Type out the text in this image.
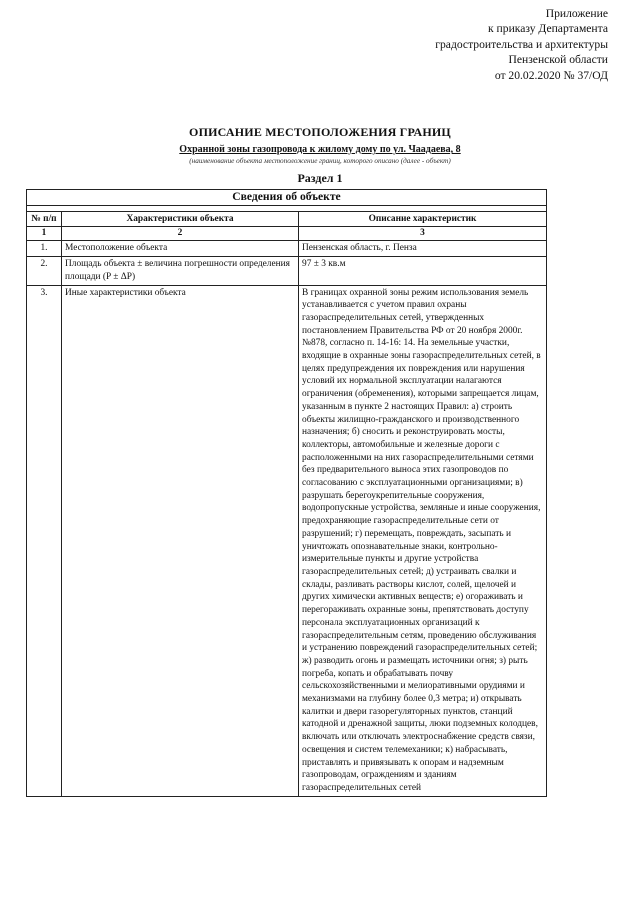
Приложение
к приказу Департамента
градостроительства и архитектуры
Пензенской области
от 20.02.2020 № 37/ОД
ОПИСАНИЕ МЕСТОПОЛОЖЕНИЯ ГРАНИЦ
Охранной зоны газопровода к жилому дому по ул. Чаадаева, 8
(наименование объекта местоположение границ, которого описано (далее - объект)
Раздел 1
Сведения об объекте		

№ п/п	Характеристики объекта	Описание характеристик
1	2	3
1.	Местоположение объекта	Пензенская область, г. Пенза
2.	Площадь объекта ± величина погрешности определения площади (P ± ΔP)	97 ± 3 кв.м
3.	Иные характеристики объекта	В границах охранной зоны режим использования земель устанавливается с учетом правил охраны газораспределительных сетей, утвержденных постановлением Правительства РФ от 20 ноября 2000г. №878, согласно п. 14-16: 14. На земельные участки, входящие в охранные зоны газораспределительных сетей, в целях предупреждения их повреждения или нарушения условий их нормальной эксплуатации налагаются ограничения (обременения), которыми запрещается лицам, указанным в пункте 2 настоящих Правил: а) строить объекты жилищно-гражданского и производственного назначения; б) сносить и реконструировать мосты, коллекторы, автомобильные и железные дороги с расположенными на них газораспределительными сетями без предварительного выноса этих газопроводов по согласованию с эксплуатационными организациями; в) разрушать берегоукрепительные сооружения, водопропускные устройства, земляные и иные сооружения, предохраняющие газораспределительные сети от разрушений; г) перемещать, повреждать, засыпать и уничтожать опознавательные знаки, контрольно-измерительные пункты и другие устройства газораспределительных сетей; д) устраивать свалки и склады, разливать растворы кислот, солей, щелочей и других химически активных веществ; е) огораживать и перегораживать охранные зоны, препятствовать доступу персонала эксплуатационных организаций к газораспределительным сетям, проведению обслуживания и устранению повреждений газораспределительных сетей; ж) разводить огонь и размещать источники огня; з) рыть погреба, копать и обрабатывать почву сельскохозяйственными и мелиоративными орудиями и механизмами на глубину более 0,3 метра; и) открывать калитки и двери газорегуляторных пунктов, станций катодной и дренажной защиты, люки подземных колодцев, включать или отключать электроснабжение средств связи, освещения и систем телемеханики; к) набрасывать, приставлять и привязывать к опорам и надземным газопроводам, ограждениям и зданиям газораспределительных сетей
